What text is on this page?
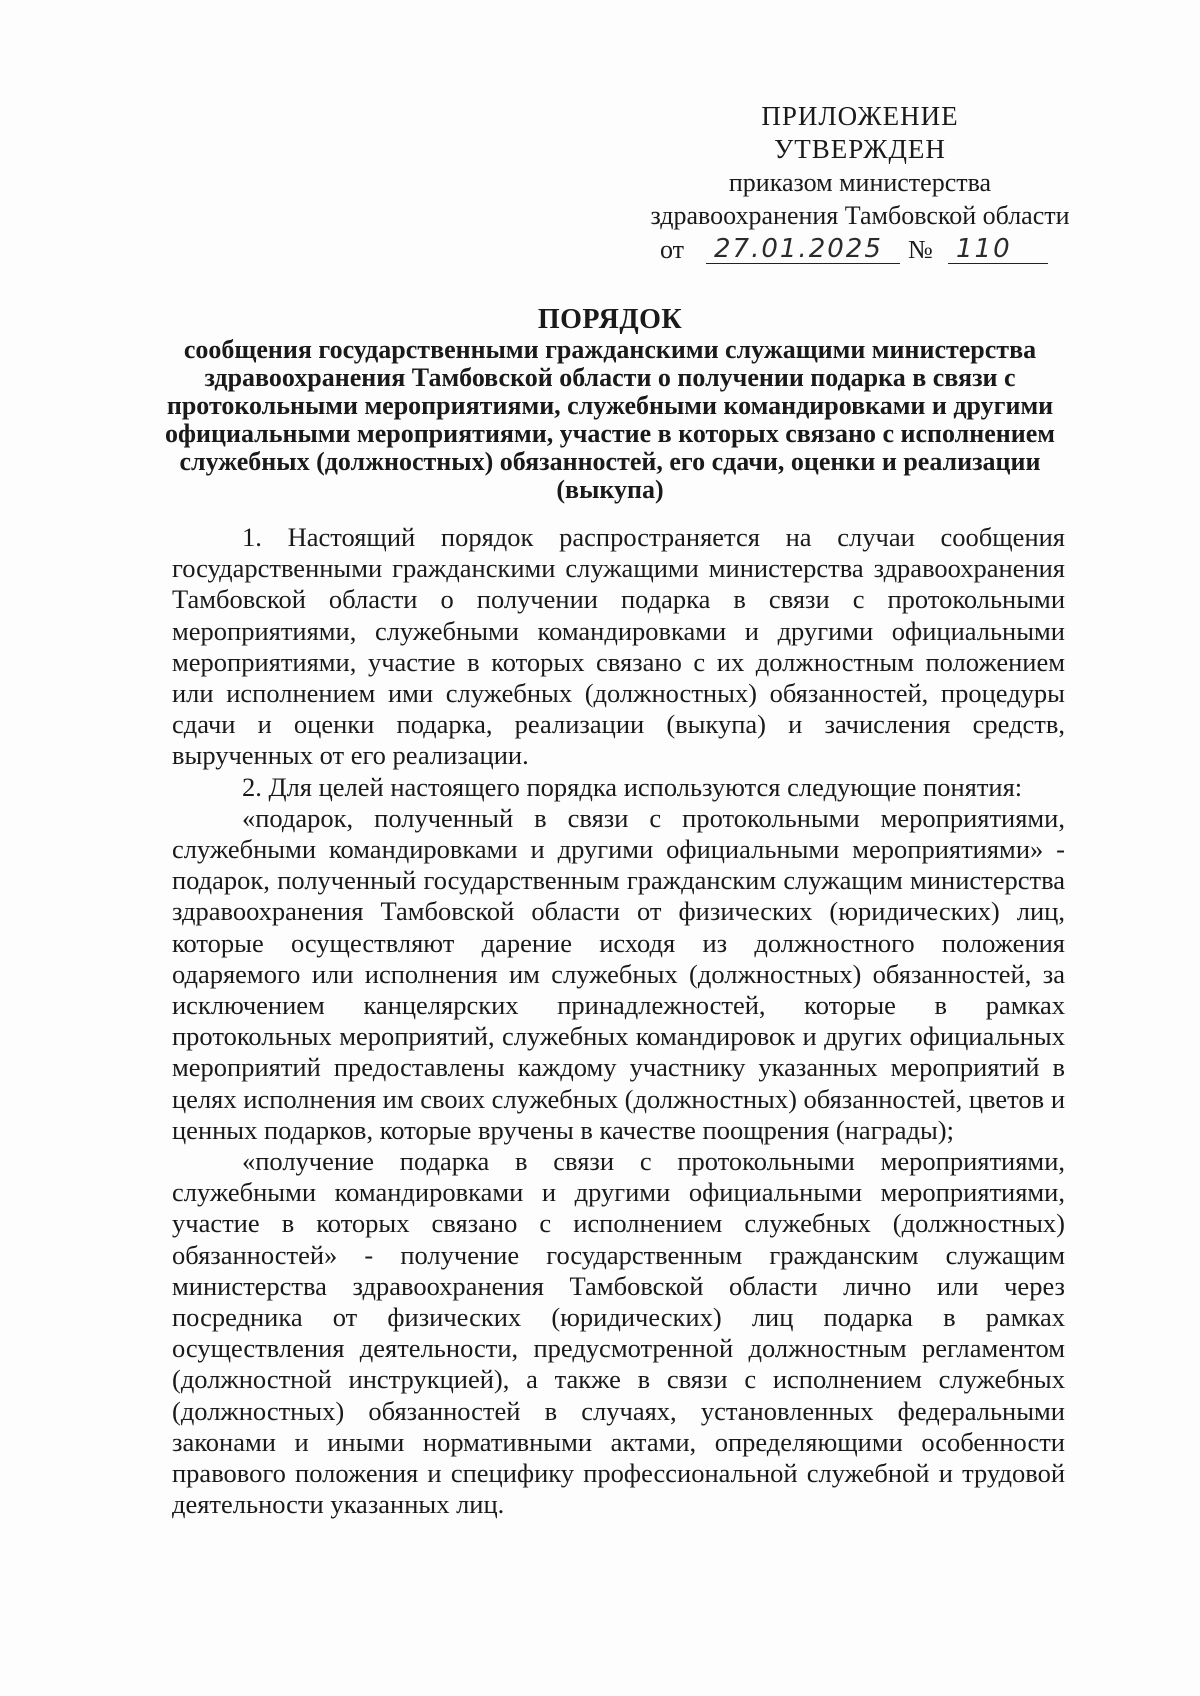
ПРИЛОЖЕНИЕ
УТВЕРЖДЕН
приказом министерства
здравоохранения Тамбовской области
от	27.01.2025 № 110
ПОРЯДОК
сообщения государственными гражданскими служащими министерства здравоохранения Тамбовской области о получении подарка в связи с протокольными мероприятиями, служебными командировками и другими официальными мероприятиями, участие в которых связано с исполнением служебных (должностных) обязанностей, его сдачи, оценки и реализации (выкупа)

1. Настоящий порядок распространяется на случаи сообщения государственными гражданскими служащими министерства здравоохранения Тамбовской области о получении подарка в связи с протокольными мероприятиями, служебными командировками и другими официальными мероприятиями, участие в которых связано с их должностным положением или исполнением ими служебных (должностных) обязанностей, процедуры сдачи и оценки подарка, реализации (выкупа) и зачисления средств, вырученных от его реализации.

2. Для целей настоящего порядка используются следующие понятия:

«подарок, полученный в связи с протокольными мероприятиями, служебными командировками и другими официальными мероприятиями» - подарок, полученный государственным гражданским служащим министерства здравоохранения Тамбовской области от физических (юридических) лиц, которые осуществляют дарение исходя из должностного положения одаряемого или исполнения им служебных (должностных) обязанностей, за исключением канцелярских принадлежностей, которые в рамках протокольных мероприятий, служебных командировок и других официальных мероприятий предоставлены каждому участнику указанных мероприятий в целях исполнения им своих служебных (должностных) обязанностей, цветов и ценных подарков, которые вручены в качестве поощрения (награды);

«получение подарка в связи с протокольными мероприятиями, служебными командировками и другими официальными мероприятиями, участие в которых связано с исполнением служебных (должностных) обязанностей» - получение государственным гражданским служащим министерства здравоохранения Тамбовской области лично или через посредника от физических (юридических) лиц подарка в рамках осуществления деятельности, предусмотренной должностным регламентом (должностной инструкцией), а также в связи с исполнением служебных (должностных) обязанностей в случаях, установленных федеральными законами и иными нормативными актами, определяющими особенности правового положения и специфику профессиональной служебной и трудовой деятельности указанных лиц.
